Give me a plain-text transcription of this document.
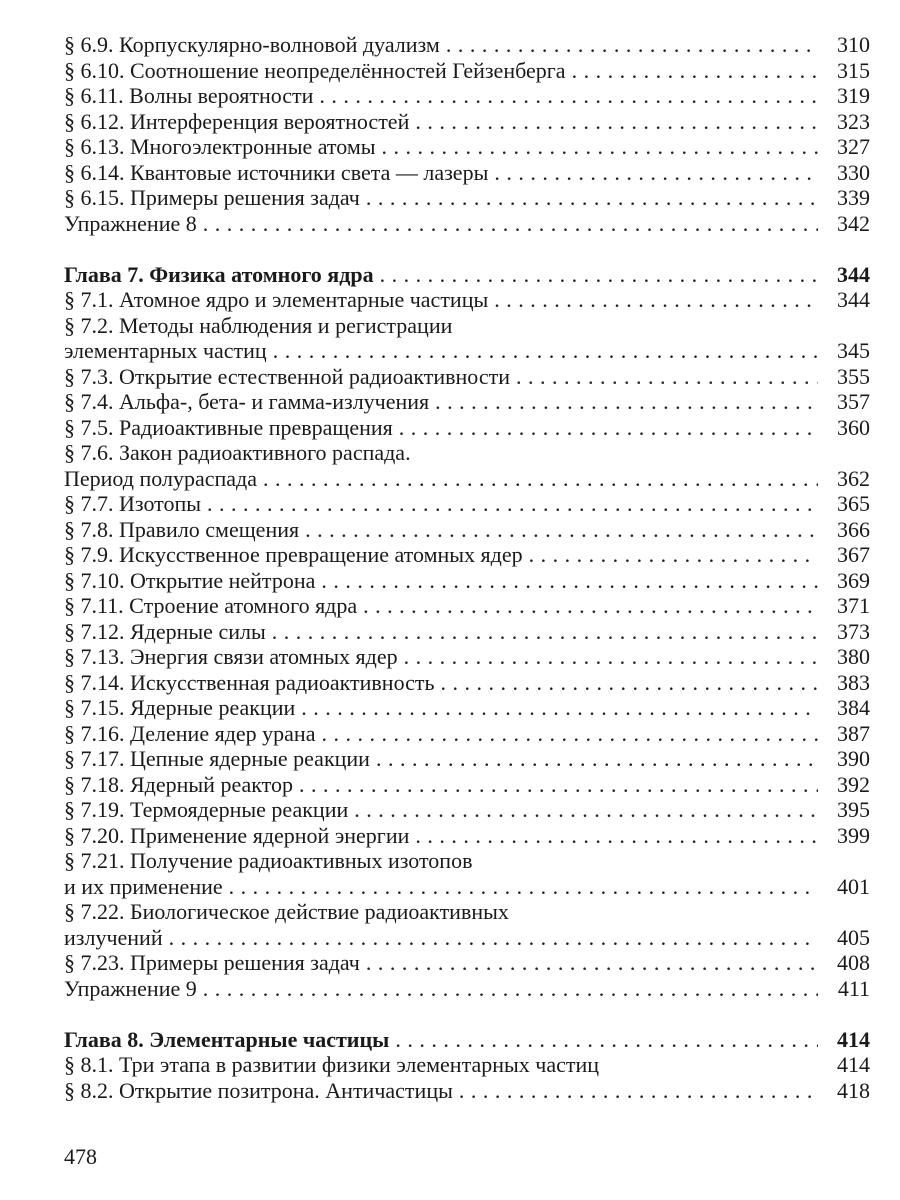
§ 6.9. Корпускулярно-волновой дуализм . . .	310
§ 6.10. Соотношение неопределённостей Гейзенберга . . .	315
§ 6.11. Волны вероятности . . .	319
§ 6.12. Интерференция вероятностей . . .	323
§ 6.13. Многоэлектронные атомы . . .	327
§ 6.14. Квантовые источники света — лазеры . . .	330
§ 6.15. Примеры решения задач . . .	339
Упражнение 8 . . .	342
Глава 7. Физика атомного ядра . . .	344
§ 7.1. Атомное ядро и элементарные частицы . . .	344
§ 7.2. Методы наблюдения и регистрации
элементарных частиц . . .	345
§ 7.3. Открытие естественной радиоактивности . . .	355
§ 7.4. Альфа-, бета- и гамма-излучения . . .	357
§ 7.5. Радиоактивные превращения . . .	360
§ 7.6. Закон радиоактивного распада.
Период полураспада . . .	362
§ 7.7. Изотопы . . .	365
§ 7.8. Правило смещения . . .	366
§ 7.9. Искусственное превращение атомных ядер . . .	367
§ 7.10. Открытие нейтрона . . .	369
§ 7.11. Строение атомного ядра . . .	371
§ 7.12. Ядерные силы . . .	373
§ 7.13. Энергия связи атомных ядер . . .	380
§ 7.14. Искусственная радиоактивность . . .	383
§ 7.15. Ядерные реакции . . .	384
§ 7.16. Деление ядер урана . . .	387
§ 7.17. Цепные ядерные реакции . . .	390
§ 7.18. Ядерный реактор . . .	392
§ 7.19. Термоядерные реакции . . .	395
§ 7.20. Применение ядерной энергии . . .	399
§ 7.21. Получение радиоактивных изотопов
и их применение . . .	401
§ 7.22. Биологическое действие радиоактивных
излучений . . .	405
§ 7.23. Примеры решения задач . . .	408
Упражнение 9 . . .	411
Глава 8. Элементарные частицы . . .	414
§ 8.1. Три этапа в развитии физики элементарных частиц	414
§ 8.2. Открытие позитрона. Античастицы . . .	418
478
